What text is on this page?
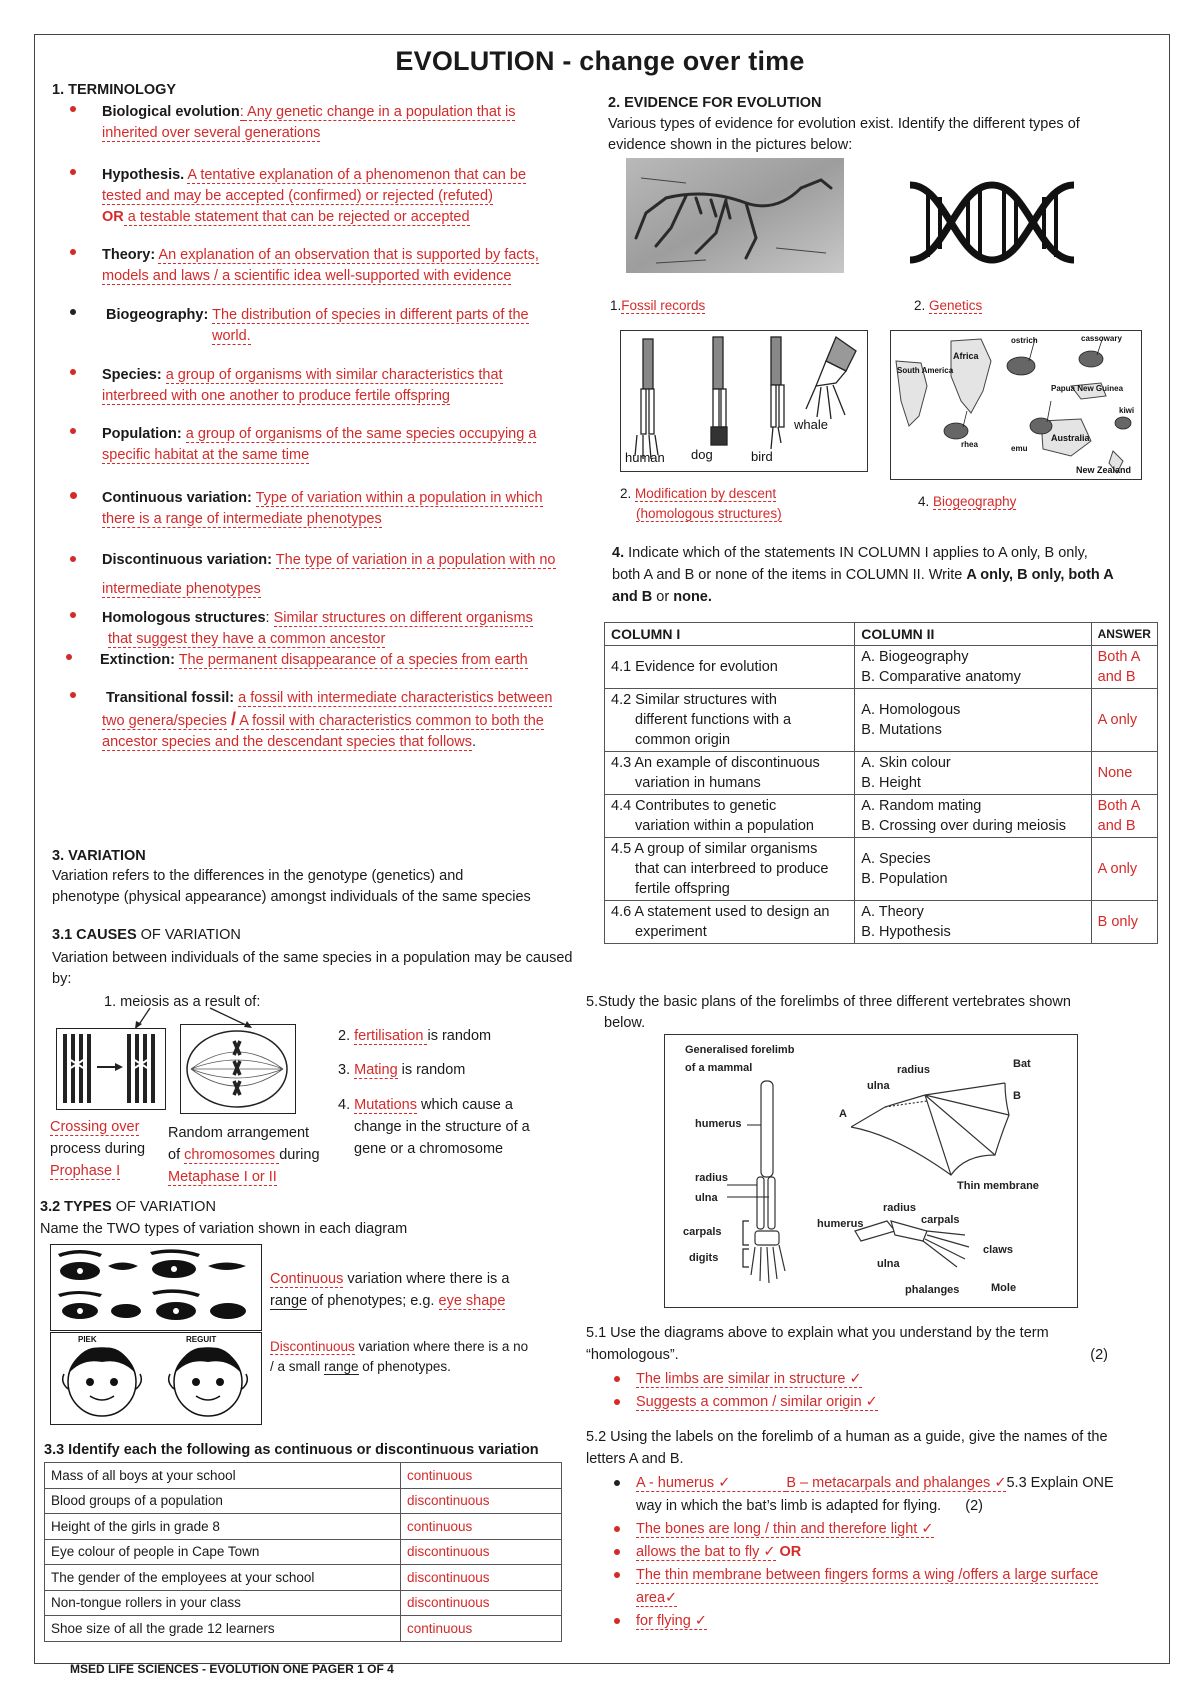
EVOLUTION - change over time
1. TERMINOLOGY
Biological evolution: Any genetic change in a population that is
inherited over several generations
Hypothesis. A tentative explanation of a phenomenon that can be
tested and may be accepted (confirmed) or rejected (refuted)
OR a testable statement that can be rejected or accepted
Theory: An explanation of an observation that is supported by facts,
models and laws / a scientific idea well-supported with evidence
Biogeography: The distribution of species in different parts of the
world.
Species: a group of organisms with similar characteristics that
interbreed with one another to produce fertile offspring
Population: a group of organisms of the same species occupying a
specific habitat at the same time
Continuous variation: Type of variation within a population in which
there is a range of intermediate phenotypes
Discontinuous variation: The type of variation in a population with no
intermediate phenotypes
Homologous structures: Similar structures on different organisms
that suggest they have a common ancestor
Extinction: The permanent disappearance of a species from earth
Transitional fossil: a fossil with intermediate characteristics between
two genera/species / A fossil with characteristics common to both the
ancestor species and the descendant species that follows.
2. EVIDENCE FOR EVOLUTION
Various types of evidence for evolution exist. Identify the different types of evidence shown in the pictures below:
1.Fossil records	2. Genetics
human dog	bird
whale
Africa
South America
ostrich	cassowary
Papua New Guinea
kiwi
rhea	emu
Australia
New Zealand
2. Modification by descent
(homologous structures)
4. Biogeography
4. Indicate which of the statements IN COLUMN I applies to A only, B only,
both A and B or none of the items in COLUMN II. Write A only, B only, both A
and B or none.
COLUMN I	COLUMN II	ANSWER
4.1 Evidence for evolution	A. Biogeography
B. Comparative anatomy	Both A
and B
4.2 Similar structures with

different functions with a
common origin	A. Homologous
B. Mutations	A only
4.3 An example of discontinuous

variation in humans	A. Skin colour
B. Height	None
4.4 Contributes to genetic

variation within a population	A. Random mating
B. Crossing over during meiosis	Both A
and B
4.5 A group of similar organisms

that can interbreed to produce
fertile offspring	A. Species
B. Population	A only
4.6 A statement used to design an

experiment	A. Theory
B. Hypothesis	B only
3. VARIATION
Variation refers to the differences in the genotype (genetics) and
phenotype (physical appearance) amongst individuals of the same species
3.1 CAUSES OF VARIATION
Variation between individuals of the same species in a population may be caused by:
1. meiosis as a result of:
Crossing over
process during
Prophase I
Random arrangement
of chromosomes during
Metaphase I or II
2. fertilisation is random
3. Mating is random
4. Mutations which cause a
change in the structure of a
gene or a chromosome
3.2 TYPES OF VARIATION
Name the TWO types of variation shown in each diagram
PIEK	REGUIT
Continuous variation where there is a
range of phenotypes; e.g. eye shape
Discontinuous variation where there is a no
/ a small range of phenotypes.
3.3 Identify each the following as continuous or discontinuous variation
Mass of all boys at your school	continuous
Blood groups of a population	discontinuous
Height of the girls in grade 8	continuous
Eye colour of people in Cape Town	discontinuous
The gender of the employees at your school	discontinuous
Non-tongue rollers in your class	discontinuous
Shoe size of all the grade 12 learners	continuous
5.Study the basic plans of the forelimbs of three different vertebrates shown
below.
Generalised forelimb
of a mammal
humerus
radius
ulna
carpals
digits
Bat
A
B
radius
ulna
Thin membrane
humerus
radius
carpals
claws
ulna
phalanges	Mole
5.1 Use the diagrams above to explain what you understand by the term
“homologous”.	(2)
The limbs are similar in structure ✓
Suggests a common / similar origin ✓
5.2 Using the labels on the forelimb of a human as a guide, give the names of the
letters A and B.
A - humerus ✓	B – metacarpals and phalanges ✓5.3 Explain ONE
way in which the bat’s limb is adapted for flying. (2)
The bones are long / thin and therefore light ✓
allows the bat to fly ✓ OR
The thin membrane between fingers forms a wing /offers a large surface
area✓
for flying ✓
MSED LIFE SCIENCES - EVOLUTION ONE PAGER 1 OF 4
